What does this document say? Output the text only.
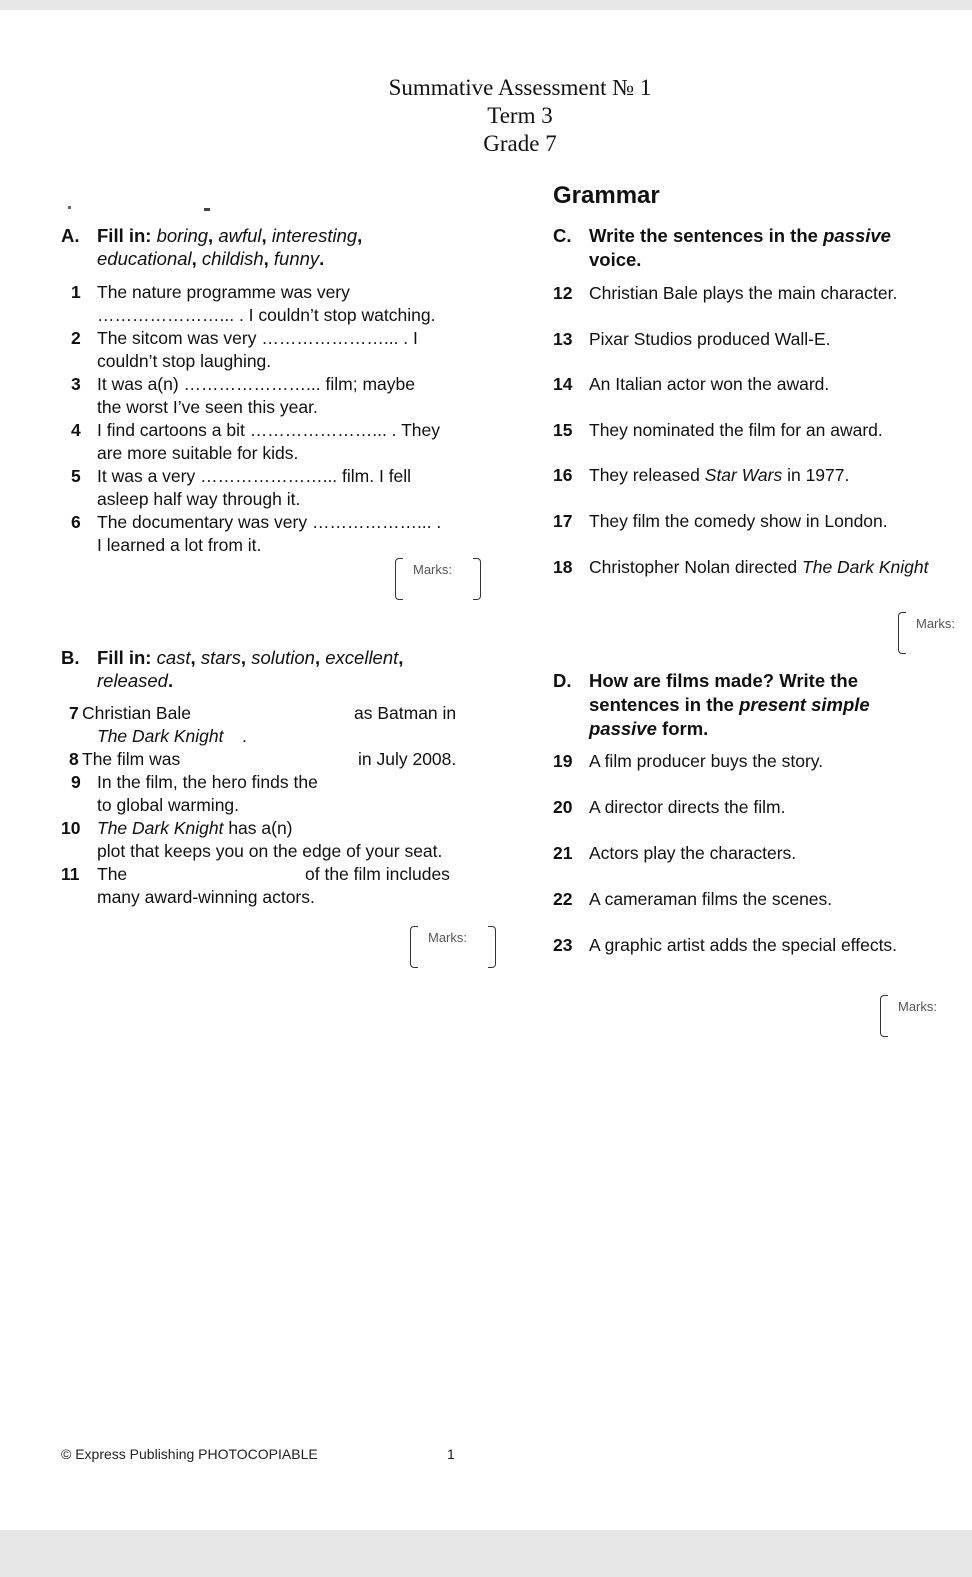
Summative Assessment № 1
Term 3
Grade 7
Grammar
A. Fill in: boring, awful, interesting,
educational, childish, funny.
1 The nature programme was very
…………………... . I couldn’t stop watching.
2 The sitcom was very …………………... . I
couldn’t stop laughing.
3 It was a(n) …………………... film; maybe
the worst I’ve seen this year.
4 I find cartoons a bit …………………... . They
are more suitable for kids.
5 It was a very …………………... film. I fell
asleep half way through it.
6 The documentary was very ………………... .
I learned a lot from it.
Marks:
B. Fill in: cast, stars, solution, excellent,
released.
7 Christian Bale	as Batman in
The Dark Knight .
8 The film was	in July 2008.
9 In the film, the hero finds the
to global warming.
10 The Dark Knight has a(n)
plot that keeps you on the edge of your seat.
11 The	of the film includes
many award-winning actors.
Marks:
C. Write the sentences in the passive
voice.
12 Christian Bale plays the main character.
13 Pixar Studios produced Wall-E.
14 An Italian actor won the award.
15 They nominated the film for an award.
16 They released Star Wars in 1977.
17 They film the comedy show in London.
18 Christopher Nolan directed The Dark Knight
Marks:
D. How are films made? Write the
sentences in the present simple
passive form.
19 A film producer buys the story.
20 A director directs the film.
21 Actors play the characters.
22 A cameraman films the scenes.
23 A graphic artist adds the special effects.
Marks:
© Express Publishing PHOTOCOPIABLE	1
